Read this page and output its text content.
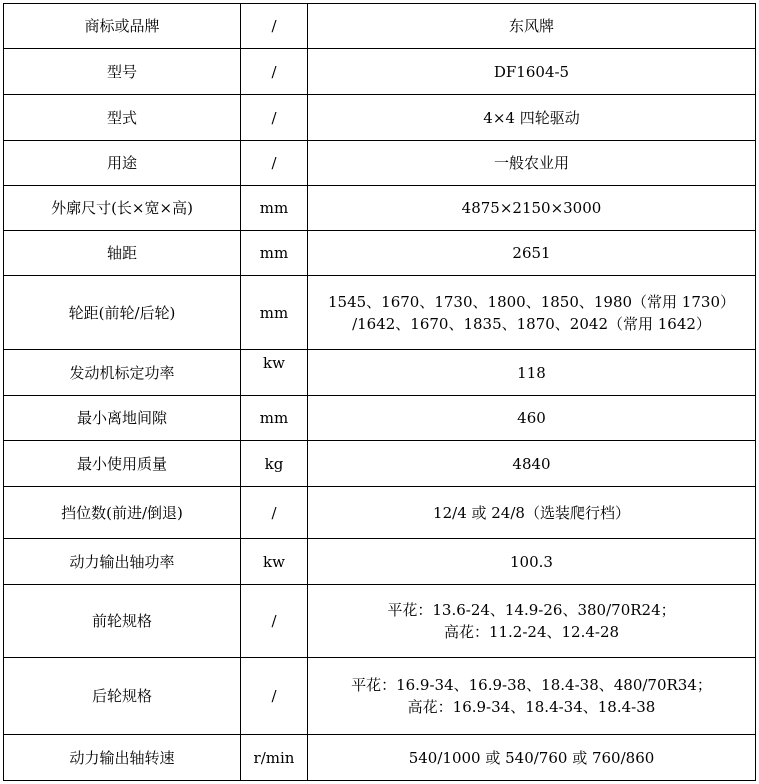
商标或品牌	/	东风牌

型号	/	DF1604-5

型式	/	4×4 四轮驱动

用途	/	一般农业用

外廓尺寸(长×宽×高)	mm	4875×2150×3000

轴距	mm	2651

轮距(前轮/后轮)	mm	1545、1670、1730、1800、1850、1980（常用 1730）
/1642、1670、1835、1870、2042（常用 1642）

发动机标定功率	kw	118

最小离地间隙	mm	460

最小使用质量	kg	4840

挡位数(前进/倒退)	/	12/4 或 24/8（选装爬行档）

动力输出轴功率	kw	100.3

前轮规格	/	平花：13.6-24、14.9-26、380/70R24；
高花：11.2-24、12.4-28

后轮规格	/	平花：16.9-34、16.9-38、18.4-38、480/70R34；
高花：16.9-34、18.4-34、18.4-38

动力输出轴转速	r/min	540/1000 或 540/760 或 760/860
